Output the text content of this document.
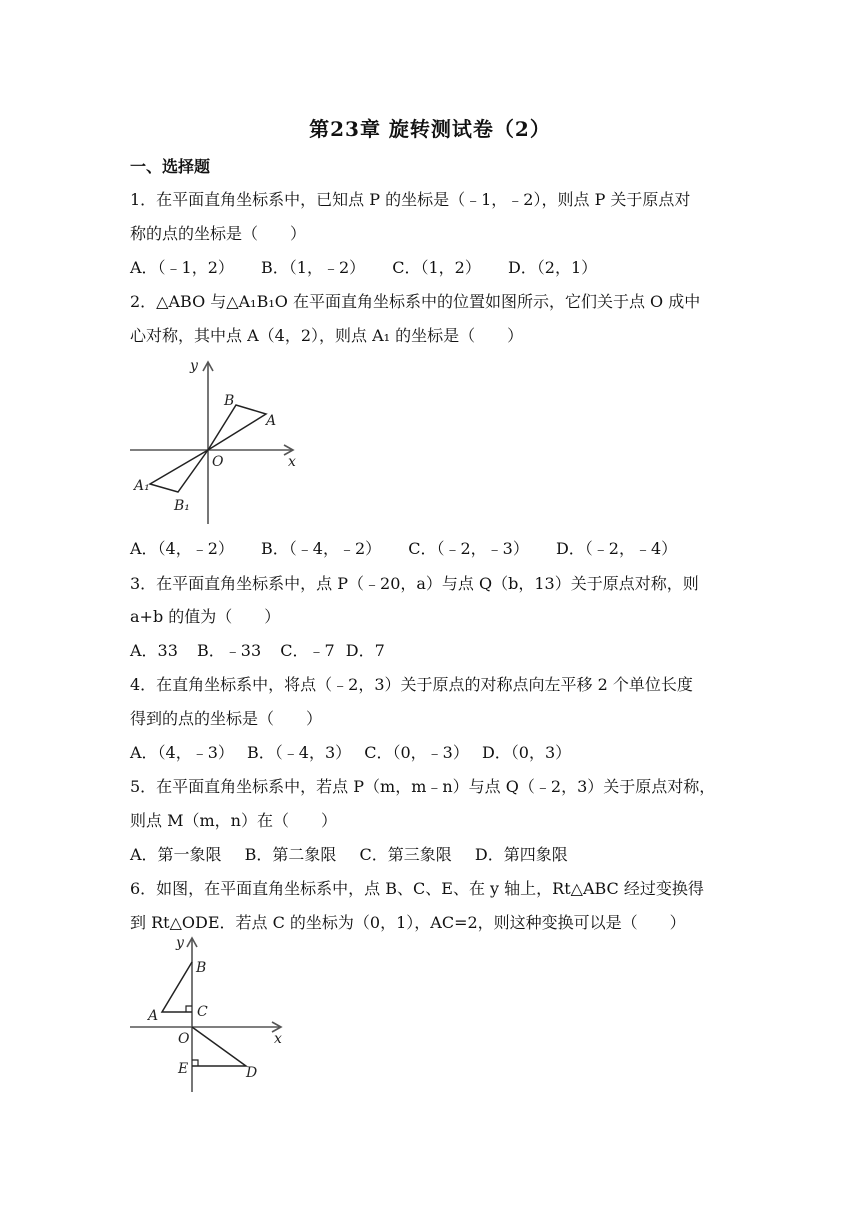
第23章 旋转测试卷（2）
一、选择题
1．在平面直角坐标系中，已知点 P 的坐标是（﹣1，﹣2），则点 P 关于原点对
称的点的坐标是（　　）
A．（﹣1，2） B．（1，﹣2） C．（1，2） D．（2，1）
2．△ABO 与△A₁B₁O 在平面直角坐标系中的位置如图所示，它们关于点 O 成中
心对称，其中点 A（4，2），则点 A₁ 的坐标是（　　）
y
x
O
B
A
A₁
B₁
A．（4，﹣2） B．（﹣4，﹣2） C．（﹣2，﹣3） D．（﹣2，﹣4）
3．在平面直角坐标系中，点 P（﹣20，a）与点 Q（b，13）关于原点对称，则
a+b 的值为（　　）
A．33 B．﹣33 C．﹣7 D．7
4．在直角坐标系中，将点（﹣2，3）关于原点的对称点向左平移 2 个单位长度
得到的点的坐标是（　　）
A．（4，﹣3） B．（﹣4，3） C．（0，﹣3） D．（0，3）
5．在平面直角坐标系中，若点 P（m，m﹣n）与点 Q（﹣2，3）关于原点对称，
则点 M（m，n）在（　　）
A．第一象限 B．第二象限 C．第三象限 D．第四象限
6．如图，在平面直角坐标系中，点 B、C、E、在 y 轴上，Rt△ABC 经过变换得
到 Rt△ODE．若点 C 的坐标为（0，1），AC=2，则这种变换可以是（　　）
y
x
B
A	C
O
E	D
